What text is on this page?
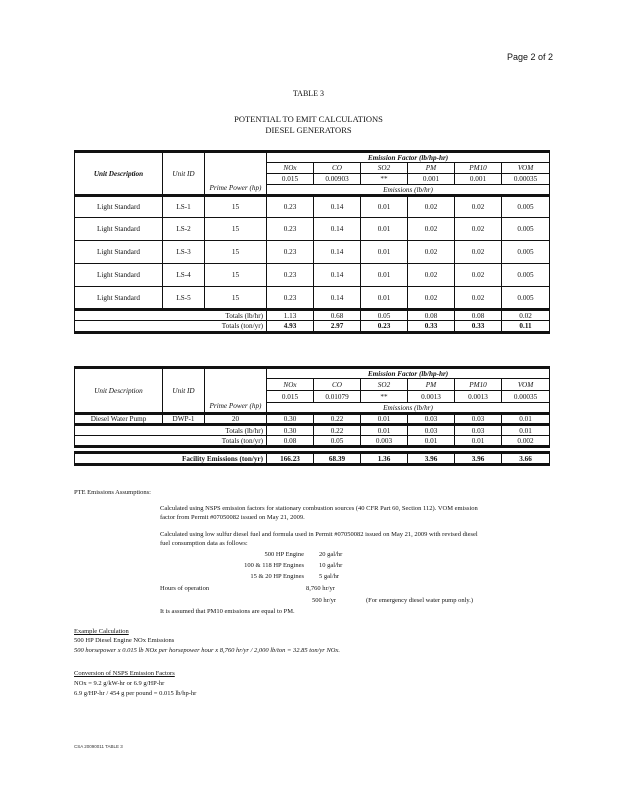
Page 2 of 2
TABLE 3
POTENTIAL TO EMIT CALCULATIONS
DIESEL GENERATORS
Unit Description	Unit ID	Prime Power (hp)	Emission Factor (lb/hp-hr)					
			NOx	CO	SO2	PM	PM10	VOM
			0.015	0.00903	**	0.001	0.001	0.00035
			Emissions (lb/hr)					
Light Standard	LS-1	15	0.23	0.14	0.01	0.02	0.02	0.005
Light Standard	LS-2	15	0.23	0.14	0.01	0.02	0.02	0.005
Light Standard	LS-3	15	0.23	0.14	0.01	0.02	0.02	0.005
Light Standard	LS-4	15	0.23	0.14	0.01	0.02	0.02	0.005
Light Standard	LS-5	15	0.23	0.14	0.01	0.02	0.02	0.005
Totals (lb/hr)			1.13	0.68	0.05	0.08	0.08	0.02
Totals (ton/yr)			4.93	2.97	0.23	0.33	0.33	0.11
Unit Description	Unit ID	Prime Power (hp)	Emission Factor (lb/hp-hr)					
			NOx	CO	SO2	PM	PM10	VOM
			0.015	0.01079	**	0.0013	0.0013	0.00035
			Emissions (lb/hr)					
Diesel Water Pump	DWP-1	20	0.30	0.22	0.01	0.03	0.03	0.01
Totals (lb/hr)			0.30	0.22	0.01	0.03	0.03	0.01
Totals (ton/yr)			0.08	0.05	0.003	0.01	0.01	0.002

Facility Emissions (ton/yr)			166.23	68.39	1.36	3.96	3.96	3.66
PTE Emissions Assumptions:
Calculated using NSPS emission factors for stationary combustion sources (40 CFR Part 60, Section 112). VOM emission
factor from Permit #07050082 issued on May 21, 2009.
Calculated using low sulfur diesel fuel and formula used in Permit #07050082 issued on May 21, 2009 with revised diesel
fuel consumption data as follows:
500 HP Engine 20 gal/hr
100 & 118 HP Engines 10 gal/hr
15 & 20 HP Engines 5 gal/hr
Hours of operation	8,760 hr/yr
500 hr/yr	(For emergency diesel water pump only.)
It is assumed that PM10 emissions are equal to PM.
Example Calculation
500 HP Diesel Engine NOx Emissions
500 horsepower x 0.015 lb NOx per horsepower hour x 8,760 hr/yr / 2,000 lb/ton = 32.85 ton/yr NOx.
Conversion of NSPS Emission Factors
NOx = 9.2 g/kW-hr or 6.9 g/HP-hr
6.9 g/HP-hr / 454 g per pound = 0.015 lb/hp-hr
CSA 20090011 TABLE 3
